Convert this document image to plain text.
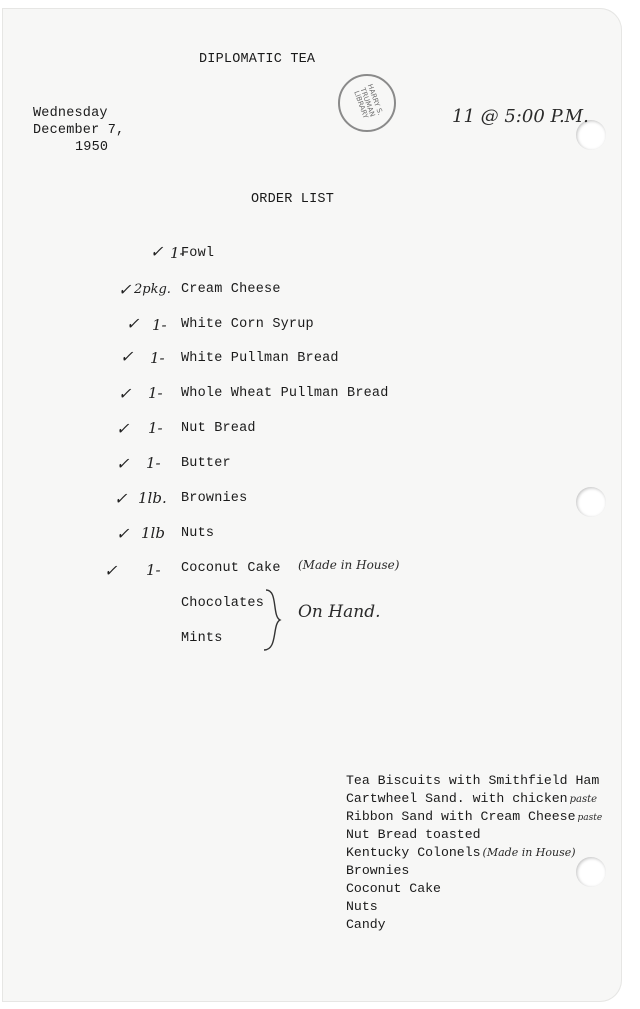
DIPLOMATIC TEA
Wednesday
December 7,
1950
HARRY S. TRUMAN LIBRARY	11 @ 5:00 P.M.
ORDER LIST
✓ 1-
Fowl
✓ 2pkg. Cream Cheese
✓ 1- White Corn Syrup
✓ 1- White Pullman Bread
✓ 1- Whole Wheat Pullman Bread
✓ 1- Nut Bread
✓ 1- Butter
✓ 1lb. Brownies
✓ 1lb Nuts
✓ 1- Coconut Cake (Made in House)
Chocolates
Mints
On Hand.
Tea Biscuits with Smithfield Ham
Cartwheel Sand. with chicken paste
Ribbon Sand with Cream Cheese paste
Nut Bread toasted
Kentucky Colonels (Made in House)
Brownies
Coconut Cake
Nuts
Candy
